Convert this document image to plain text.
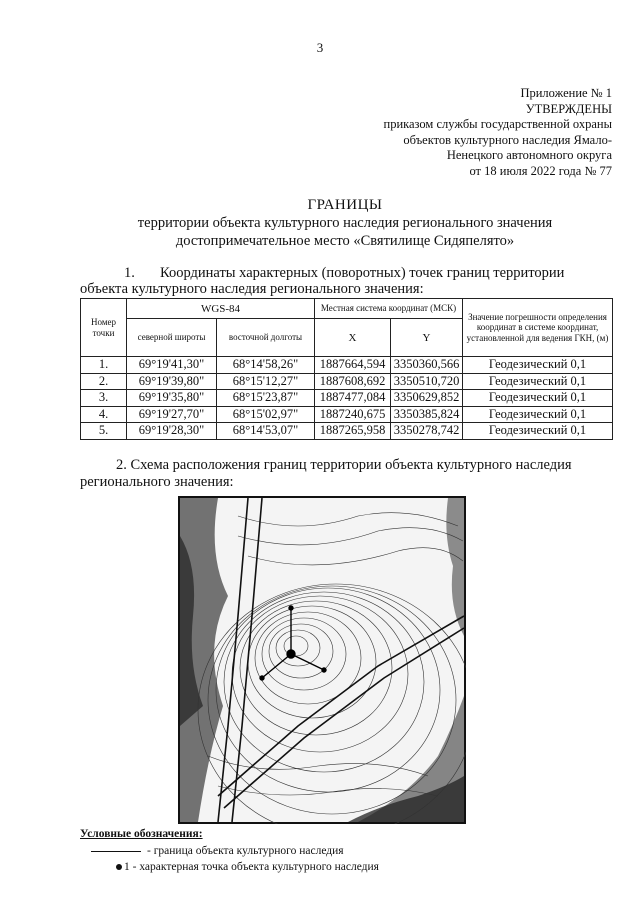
3
Приложение № 1
УТВЕРЖДЕНЫ
приказом службы государственной охраны
объектов культурного наследия Ямало-
Ненецкого автономного округа
от 18 июля 2022 года № 77
ГРАНИЦЫ
территории объекта культурного наследия регионального значения
достопримечательное место «Святилище Сидяпелято»
1. Координаты характерных (поворотных) точек границ территории
объекта культурного наследия регионального значения:
Номер точки	WGS-84		Местная система координат (МСК)		Значение погрешности определения координат в системе координат, установленной для ведения ГКН, (м)
	северной широты	восточной долготы	X	Y	
1.	69°19'41,30"	68°14'58,26"	1887664,594	3350360,566	Геодезический 0,1
2.	69°19'39,80"	68°15'12,27"	1887608,692	3350510,720	Геодезический 0,1
3.	69°19'35,80"	68°15'23,87"	1887477,084	3350629,852	Геодезический 0,1
4.	69°19'27,70"	68°15'02,97"	1887240,675	3350385,824	Геодезический 0,1
5.	69°19'28,30"	68°14'53,07"	1887265,958	3350278,742	Геодезический 0,1
2. Схема расположения границ территории объекта культурного наследия
регионального значения:
Условные обозначения:
- граница объекта культурного наследия
1 - характерная точка объекта культурного наследия
